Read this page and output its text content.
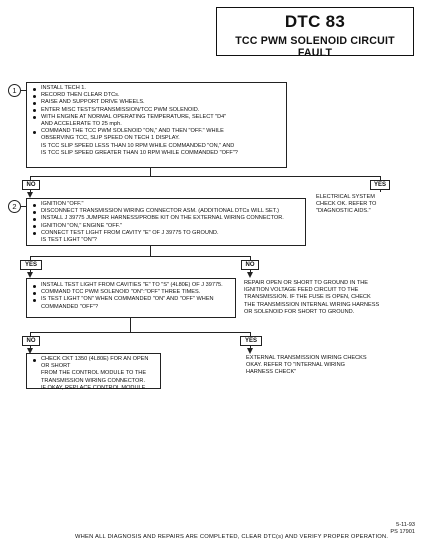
DTC 83
TCC PWM SOLENOID CIRCUIT FAULT
1	INSTALL TECH 1.
RECORD THEN CLEAR DTCs.
RAISE AND SUPPORT DRIVE WHEELS.
ENTER MISC TESTS/TRANSMISSION/TCC PWM SOLENOID.
WITH ENGINE AT NORMAL OPERATING TEMPERATURE, SELECT "D4"
AND ACCELERATE TO 25 mph.
COMMAND THE TCC PWM SOLENOID "ON," AND THEN "OFF." WHILE
OBSERVING TCC, SLIP SPEED ON TECH 1 DISPLAY.
IS TCC SLIP SPEED LESS THAN 10 RPM WHILE COMMANDED "ON," AND
IS TCC SLIP SPEED GREATER THAN 10 RPM WHILE COMMANDED "OFF"?
NO	YES
ELECTRICAL SYSTEM
CHECK OK. REFER TO
"DIAGNOSTIC AIDS."
2	IGNITION "OFF."
DISCONNECT TRANSMISSION WIRING CONNECTOR ASM. (ADDITIONAL DTCs WILL SET.)
INSTALL J 39775 JUMPER HARNESS/PROBE KIT ON THE EXTERNAL WIRING CONNECTOR.
IGNITION "ON," ENGINE "OFF."
CONNECT TEST LIGHT FROM CAVITY "E" OF J 39775 TO GROUND.
IS TEST LIGHT "ON"?
YES	NO
INSTALL TEST LIGHT FROM CAVITIES "E" TO "S" (4L80E) OF J 39775.
COMMAND TCC PWM SOLENOID "ON":"OFF" THREE TIMES.
IS TEST LIGHT "ON" WHEN COMMANDED "ON" AND "OFF" WHEN
COMMANDED "OFF"?
REPAIR OPEN OR SHORT TO GROUND IN THE
IGNITION VOLTAGE FEED CIRCUIT TO THE
TRANSMISSION. IF THE FUSE IS OPEN, CHECK
THE TRANSMISSION INTERNAL WIRING HARNESS
OR SOLENOID FOR SHORT TO GROUND.
NO	YES
CHECK CKT 1350 (4L80E) FOR AN OPEN OR SHORT
FROM THE CONTROL MODULE TO THE
TRANSMISSION WIRING CONNECTOR.
IF OKAY, REPLACE CONTROL MODULE.
EXTERNAL TRANSMISSION WIRING CHECKS
OKAY. REFER TO "INTERNAL WIRING
HARNESS CHECK"
5-11-93
PS 17901
WHEN ALL DIAGNOSIS AND REPAIRS ARE COMPLETED, CLEAR DTC(s) AND VERIFY PROPER OPERATION.
